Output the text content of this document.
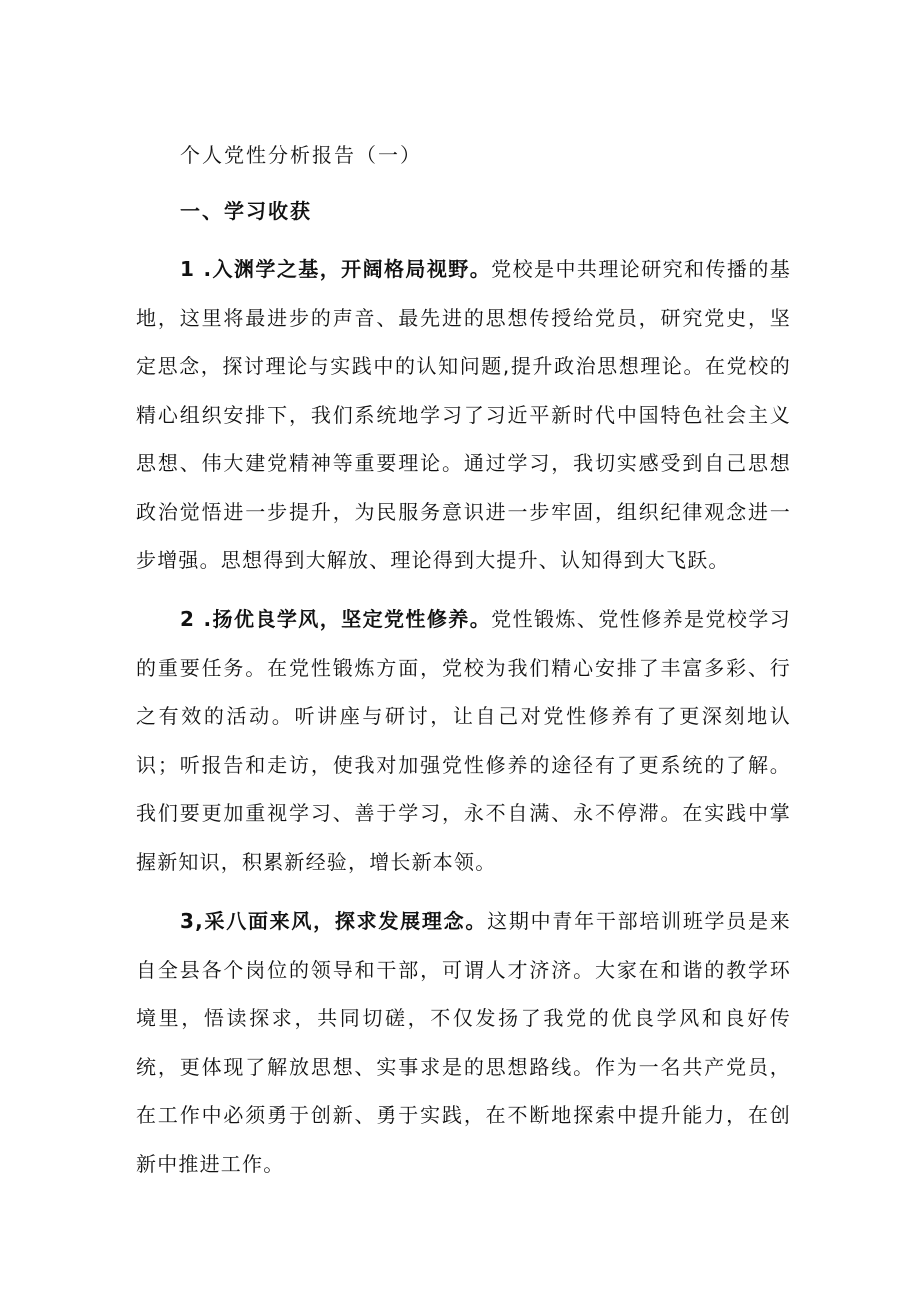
个人党性分析报告（一）
一、学习收获

1 .入渊学之基，开阔格局视野。党校是中共理论研究和传播的基地，这里将最进步的声音、最先进的思想传授给党员，研究党史，坚定思念，探讨理论与实践中的认知问题,提升政治思想理论。在党校的精心组织安排下，我们系统地学习了习近平新时代中国特色社会主义思想、伟大建党精神等重要理论。通过学习，我切实感受到自己思想政治觉悟进一步提升，为民服务意识进一步牢固，组织纪律观念进一步增强。思想得到大解放、理论得到大提升、认知得到大飞跃。

2 .扬优良学风，坚定党性修养。党性锻炼、党性修养是党校学习的重要任务。在党性锻炼方面，党校为我们精心安排了丰富多彩、行之有效的活动。听讲座与研讨，让自己对党性修养有了更深刻地认识；听报告和走访，使我对加强党性修养的途径有了更系统的了解。我们要更加重视学习、善于学习，永不自满、永不停滞。在实践中掌握新知识，积累新经验，增长新本领。

3,采八面来风，探求发展理念。这期中青年干部培训班学员是来自全县各个岗位的领导和干部，可谓人才济济。大家在和谐的教学环境里，悟读探求，共同切磋，不仅发扬了我党的优良学风和良好传统，更体现了解放思想、实事求是的思想路线。作为一名共产党员，在工作中必须勇于创新、勇于实践，在不断地探索中提升能力，在创新中推进工作。
